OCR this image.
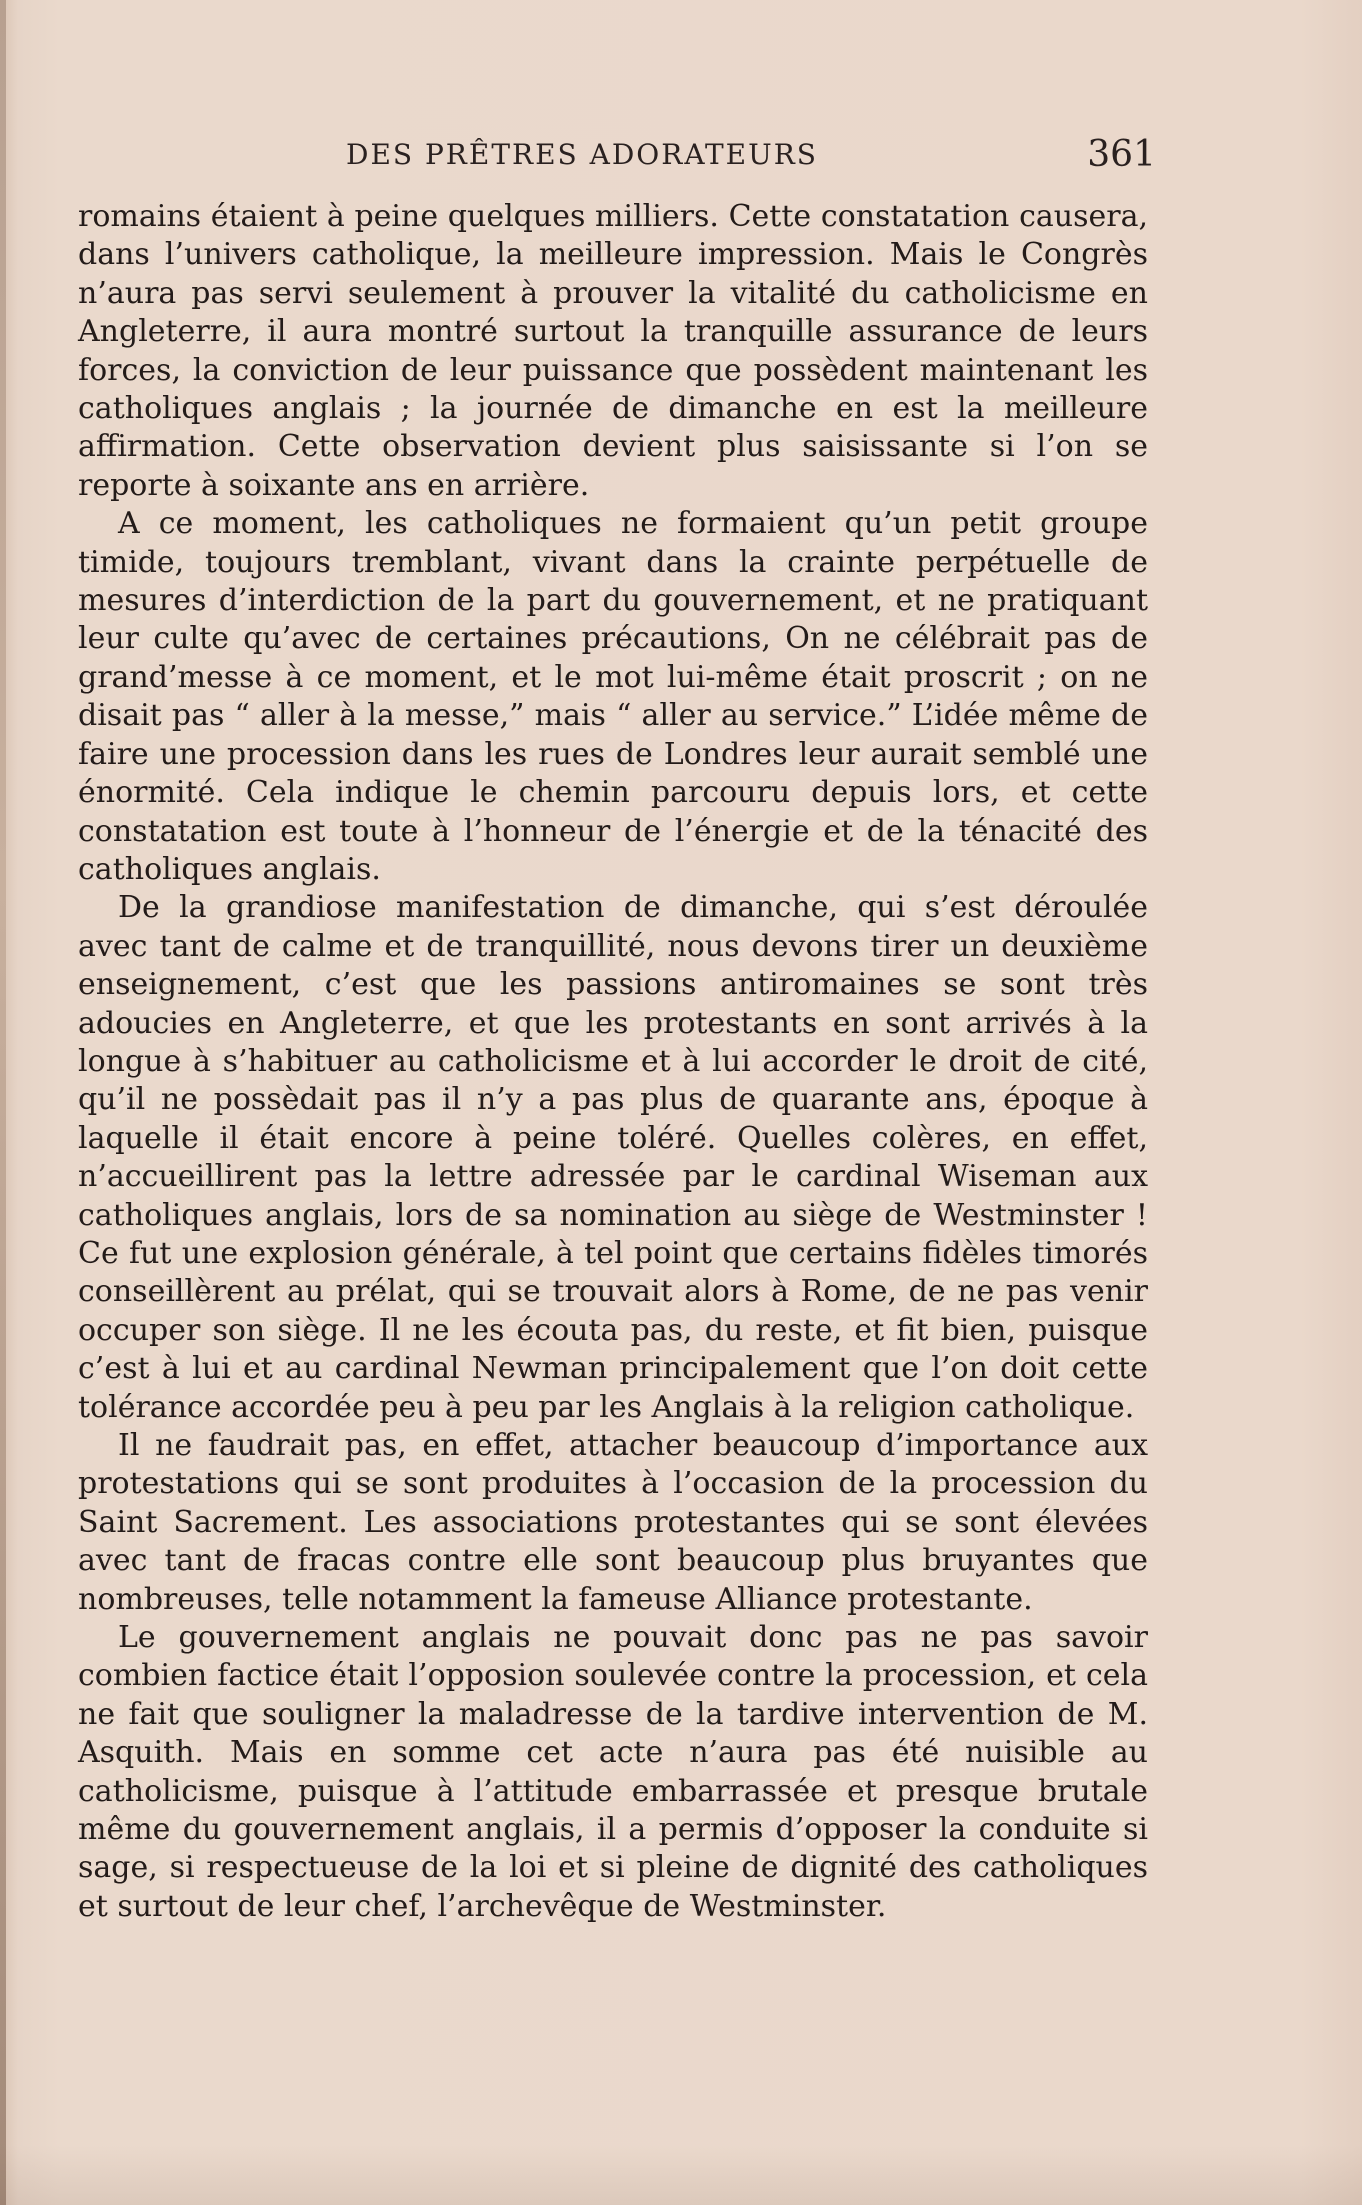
DES PRÊTRES ADORATEURS	361

romains étaient à peine quelques milliers. Cette constatation causera, dans l’univers catholique, la meilleure impression. Mais le Congrès n’aura pas servi seulement à prouver la vitalité du catholicisme en Angleterre, il aura montré surtout la tranquille assurance de leurs forces, la conviction de leur puissance que possèdent maintenant les catholiques anglais ; la journée de dimanche en est la meilleure affirmation. Cette observation devient plus saisissante si l’on se reporte à soixante ans en arrière.

A ce moment, les catholiques ne formaient qu’un petit groupe timide, toujours tremblant, vivant dans la crainte perpétuelle de mesures d’interdiction de la part du gouvernement, et ne pratiquant leur culte qu’avec de certaines précautions, On ne célébrait pas de grand’messe à ce moment, et le mot lui-même était proscrit ; on ne disait pas “ aller à la messe,” mais “ aller au service.” L’idée même de faire une procession dans les rues de Londres leur aurait semblé une énormité. Cela indique le chemin parcouru depuis lors, et cette constatation est toute à l’honneur de l’énergie et de la ténacité des catholiques anglais.

De la grandiose manifestation de dimanche, qui s’est déroulée avec tant de calme et de tranquillité, nous devons tirer un deuxième enseignement, c’est que les passions antiromaines se sont très adoucies en Angleterre, et que les protestants en sont arrivés à la longue à s’habituer au catholicisme et à lui accorder le droit de cité, qu’il ne possèdait pas il n’y a pas plus de quarante ans, époque à laquelle il était encore à peine toléré. Quelles colères, en effet, n’accueillirent pas la lettre adressée par le cardinal Wiseman aux catholiques anglais, lors de sa nomination au siège de Westminster ! Ce fut une explosion générale, à tel point que certains fidèles timorés conseillèrent au prélat, qui se trouvait alors à Rome, de ne pas venir occuper son siège. Il ne les écouta pas, du reste, et fit bien, puisque c’est à lui et au cardinal Newman principalement que l’on doit cette tolérance accordée peu à peu par les Anglais à la religion catholique.

Il ne faudrait pas, en effet, attacher beaucoup d’importance aux protestations qui se sont produites à l’occasion de la procession du Saint Sacrement. Les associations protestantes qui se sont élevées avec tant de fracas contre elle sont beaucoup plus bruyantes que nombreuses, telle notamment la fameuse Alliance protestante.

Le gouvernement anglais ne pouvait donc pas ne pas savoir combien factice était l’opposion soulevée contre la procession, et cela ne fait que souligner la maladresse de la tardive intervention de M. Asquith. Mais en somme cet acte n’aura pas été nuisible au catholicisme, puisque à l’attitude embarrassée et presque brutale même du gouvernement anglais, il a permis d’opposer la conduite si sage, si respectueuse de la loi et si pleine de dignité des catholiques et surtout de leur chef, l’archevêque de Westminster.
